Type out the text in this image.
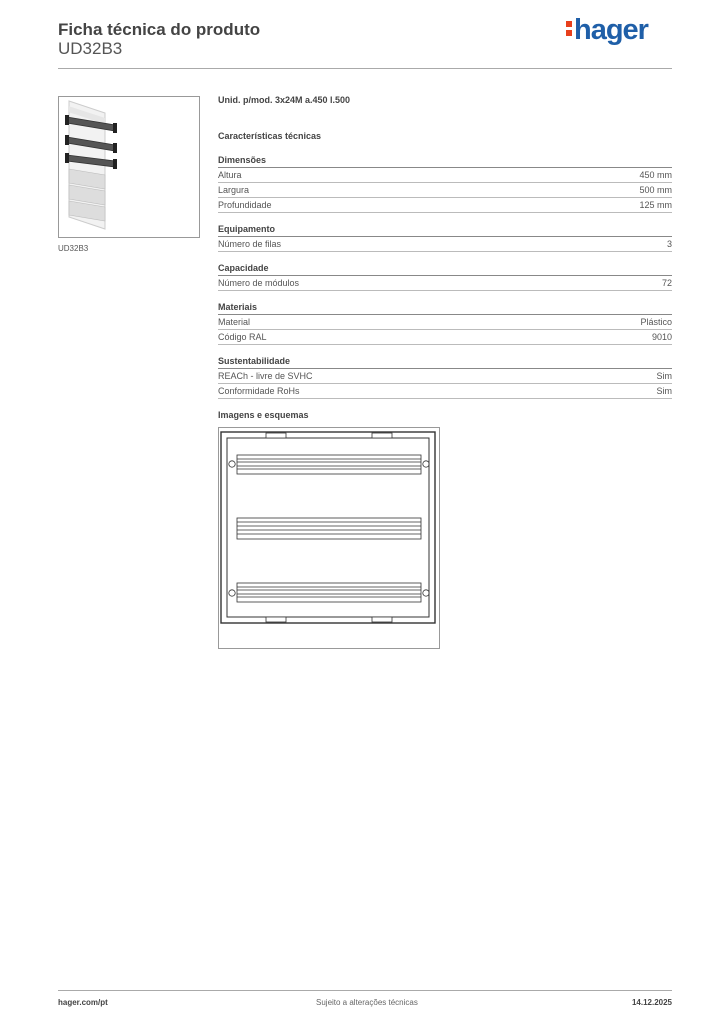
Ficha técnica do produto
UD32B3
hager
UD32B3
Unid. p/mod. 3x24M a.450 l.500
Características técnicas
Dimensões
Altura	450 mm
Largura	500 mm
Profundidade	125 mm
Equipamento
Número de filas	3
Capacidade
Número de módulos	72
Materiais
Material	Plástico
Código RAL	9010
Sustentabilidade
REACh - livre de SVHC	Sim
Conformidade RoHs	Sim
Imagens e esquemas
hager.com/pt	Sujeito a alterações técnicas	14.12.2025
